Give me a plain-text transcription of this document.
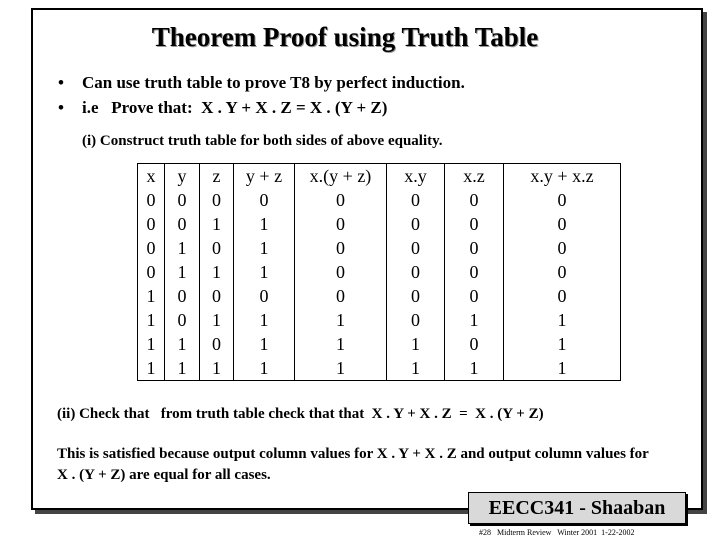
Theorem Proof using Truth Table
•	Can use truth table to prove T8 by perfect induction.
•	i.e   Prove that:  X . Y + X . Z = X . (Y + Z)
(i) Construct truth table for both sides of above equality.
x	y	z	y + z	x.(y + z)	x.y	x.z	x.y + x.z
0	0	0	0	0	0	0	0
0	0	1	1	0	0	0	0
0	1	0	1	0	0	0	0
0	1	1	1	0	0	0	0
1	0	0	0	0	0	0	0
1	0	1	1	1	0	1	1
1	1	0	1	1	1	0	1
1	1	1	1	1	1	1	1
(ii) Check that   from truth table check that that  X . Y + X . Z  =  X . (Y + Z)
This is satisfied because output column values for X . Y + X . Z and output column values for X . (Y + Z) are equal for all cases.
EECC341 - Shaaban
#28   Midterm Review   Winter 2001  1-22-2002
